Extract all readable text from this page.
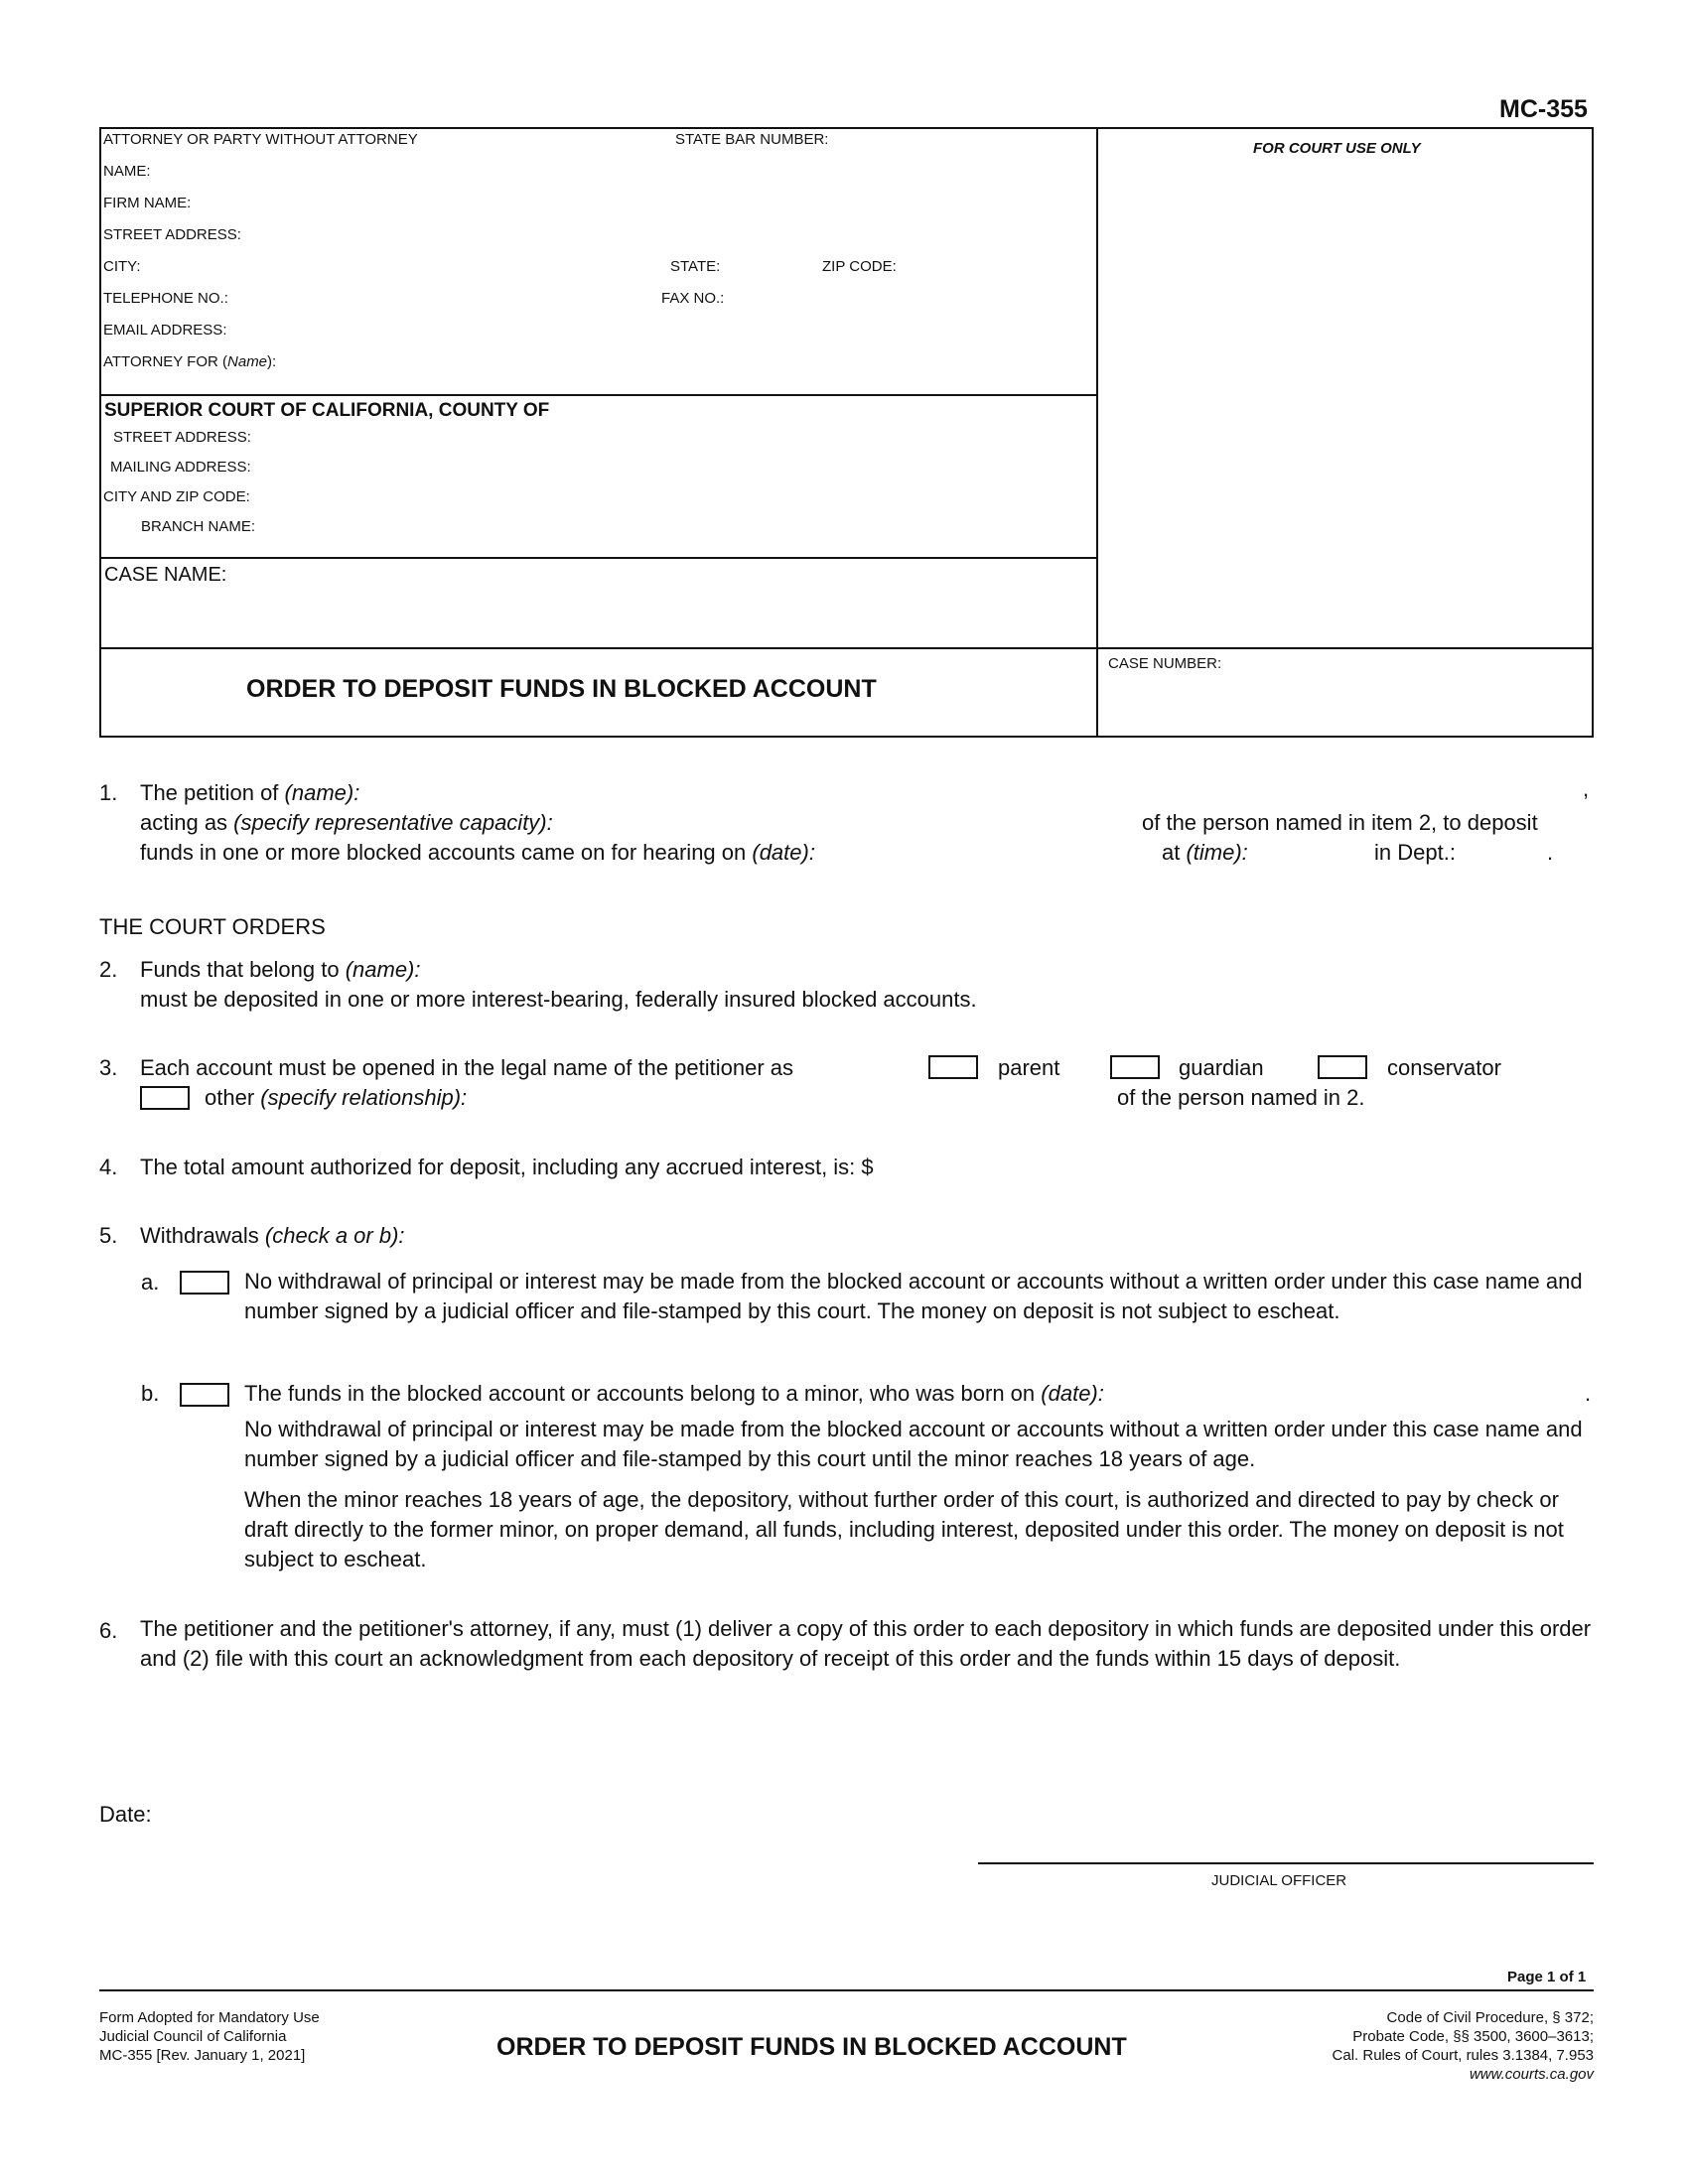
MC-355
FOR COURT USE ONLY
ATTORNEY OR PARTY WITHOUT ATTORNEY	STATE BAR NUMBER:
NAME:
FIRM NAME:
STREET ADDRESS:
CITY:	STATE:	ZIP CODE:
TELEPHONE NO.:	FAX NO.:
EMAIL ADDRESS:
ATTORNEY FOR (Name):
SUPERIOR COURT OF CALIFORNIA, COUNTY OF
STREET ADDRESS:
MAILING ADDRESS:
CITY AND ZIP CODE:
BRANCH NAME:
CASE NAME:
ORDER TO DEPOSIT FUNDS IN BLOCKED ACCOUNT
CASE NUMBER:
1. The petition of (name):	,
acting as (specify representative capacity):	of the person named in item 2, to deposit
funds in one or more blocked accounts came on for hearing on (date):	at (time):	in Dept.:	.
THE COURT ORDERS
2. Funds that belong to (name):
must be deposited in one or more interest-bearing, federally insured blocked accounts.
3. Each account must be opened in the legal name of the petitioner as	parent	guardian	conservator
other (specify relationship):	of the person named in 2.
4. The total amount authorized for deposit, including any accrued interest, is: $
5. Withdrawals (check a or b):
a.	No withdrawal of principal or interest may be made from the blocked account or accounts without a written order under this case name and number signed by a judicial officer and file-stamped by this court. The money on deposit is not subject to escheat.
b.	The funds in the blocked account or accounts belong to a minor, who was born on (date):	.
No withdrawal of principal or interest may be made from the blocked account or accounts without a written order under this case name and number signed by a judicial officer and file-stamped by this court until the minor reaches 18 years of age.
When the minor reaches 18 years of age, the depository, without further order of this court, is authorized and directed to pay by check or draft directly to the former minor, on proper demand, all funds, including interest, deposited under this order. The money on deposit is not subject to escheat.
6. The petitioner and the petitioner's attorney, if any, must (1) deliver a copy of this order to each depository in which funds are deposited under this order and (2) file with this court an acknowledgment from each depository of receipt of this order and the funds within 15 days of deposit.
Date:
JUDICIAL OFFICER
Page 1 of 1
Form Adopted for Mandatory Use
Judicial Council of California
MC-355 [Rev. January 1, 2021]	ORDER TO DEPOSIT FUNDS IN BLOCKED ACCOUNT
Code of Civil Procedure, § 372;
Probate Code, §§ 3500, 3600–3613;
Cal. Rules of Court, rules 3.1384, 7.953
www.courts.ca.gov
